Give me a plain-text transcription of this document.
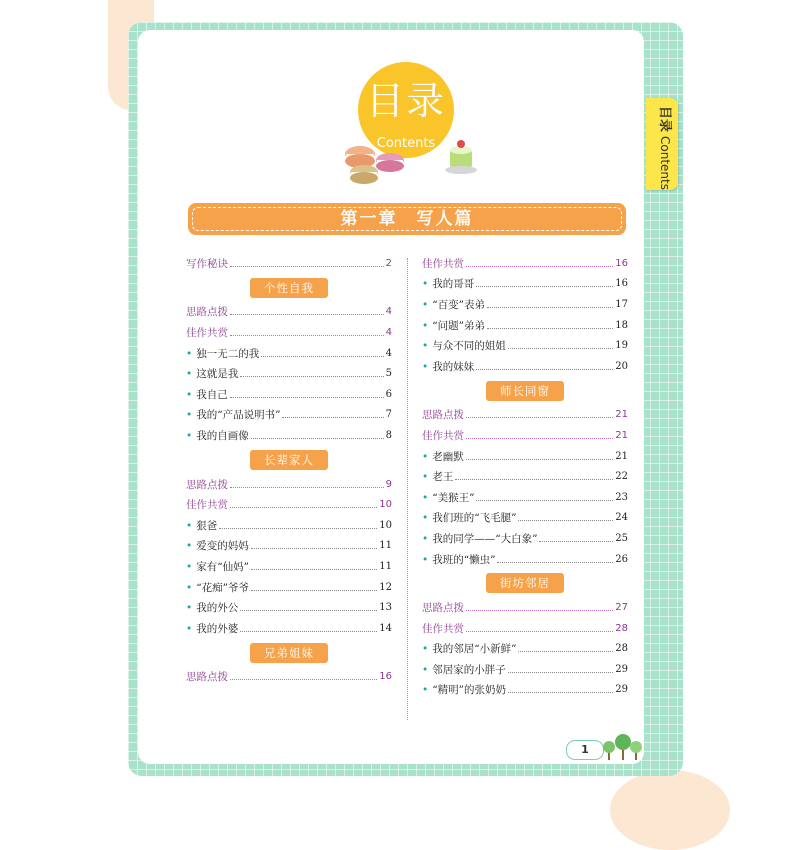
目录Contents
目录
Contents
第一章　写人篇
写作秘诀	2
个性自我
思路点拨	4
佳作共赏	4
• 独一无二的我	4
• 这就是我	5
• 我自己	6
• 我的“产品说明书”	7
• 我的自画像	8
长辈家人
思路点拨	9
佳作共赏	10
• 狠爸	10
• 爱变的妈妈	11
• 家有“仙妈”	11
• “花痴”爷爷	12
• 我的外公	13
• 我的外婆	14
兄弟姐妹
思路点拨	16
佳作共赏	16
• 我的哥哥	16
• “百变”表弟	17
• “问题”弟弟	18
• 与众不同的姐姐	19
• 我的妹妹	20
师长同窗
思路点拨	21
佳作共赏	21
• 老幽默	21
• 老王	22
• “美猴王”	23
• 我们班的“飞毛腿”	24
• 我的同学——“大白象”	25
• 我班的“懒虫”	26
街坊邻居
思路点拨	27
佳作共赏	28
• 我的邻居“小新鲜”	28
• 邻居家的小胖子	29
• “精明”的张奶奶	29
1
